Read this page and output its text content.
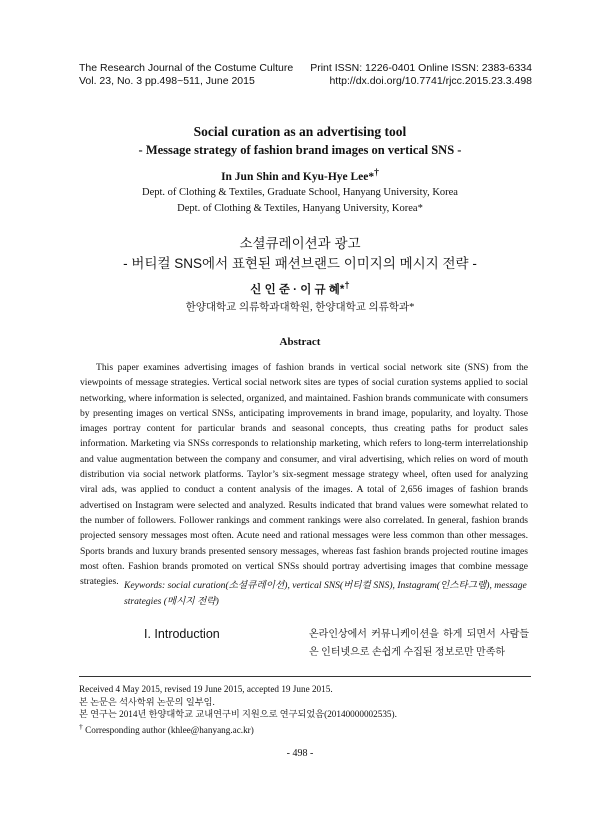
The Research Journal of the Costume Culture
Vol. 23, No. 3 pp.498~511, June 2015
Print ISSN: 1226-0401 Online ISSN: 2383-6334
http://dx.doi.org/10.7741/rjcc.2015.23.3.498
Social curation as an advertising tool
- Message strategy of fashion brand images on vertical SNS -
In Jun Shin and Kyu-Hye Lee*†
Dept. of Clothing & Textiles, Graduate School, Hanyang University, Korea
Dept. of Clothing & Textiles, Hanyang University, Korea*
소셜큐레이션과 광고
- 버티컬 SNS에서 표현된 패션브랜드 이미지의 메시지 전략 -
신 인 준 · 이 규 혜*†
한양대학교 의류학과대학원, 한양대학교 의류학과*
Abstract

This paper examines advertising images of fashion brands in vertical social network site (SNS) from the viewpoints of message strategies. Vertical social network sites are types of social curation systems applied to social networking, where information is selected, organized, and maintained. Fashion brands communicate with consumers by presenting images on vertical SNSs, anticipating improvements in brand image, popularity, and loyalty. Those images portray content for particular brands and seasonal concepts, thus creating paths for product sales information. Marketing via SNSs corresponds to relationship marketing, which refers to long-term interrelationship and value augmentation between the company and consumer, and viral advertising, which relies on word of mouth distribution via social network platforms. Taylor’s six-segment message strategy wheel, often used for analyzing viral ads, was applied to conduct a content analysis of the images. A total of 2,656 images of fashion brands advertised on Instagram were selected and analyzed. Results indicated that brand values were somewhat related to the number of followers. Follower rankings and comment rankings were also correlated. In general, fashion brands projected sensory messages most often. Acute need and rational messages were less common than other messages. Sports brands and luxury brands presented sensory messages, whereas fast fashion brands projected routine images most often. Fashion brands promoted on vertical SNSs should portray advertising images that combine message strategies. Keywords: social curation(소셜큐레이션), vertical SNS(버티컬 SNS), Instagram(인스타그램), message strategies (메시지 전략)
I. Introduction	온라인상에서 커뮤니케이션을 하게 되면서 사람들은 인터넷으로 손쉽게 수집된 정보로만 만족하
Received 4 May 2015, revised 19 June 2015, accepted 19 June 2015.
본 논문은 석사학위 논문의 일부임.
본 연구는 2014년 한양대학교 교내연구비 지원으로 연구되었음(20140000002535).
† Corresponding author (khlee@hanyang.ac.kr)
- 498 -
